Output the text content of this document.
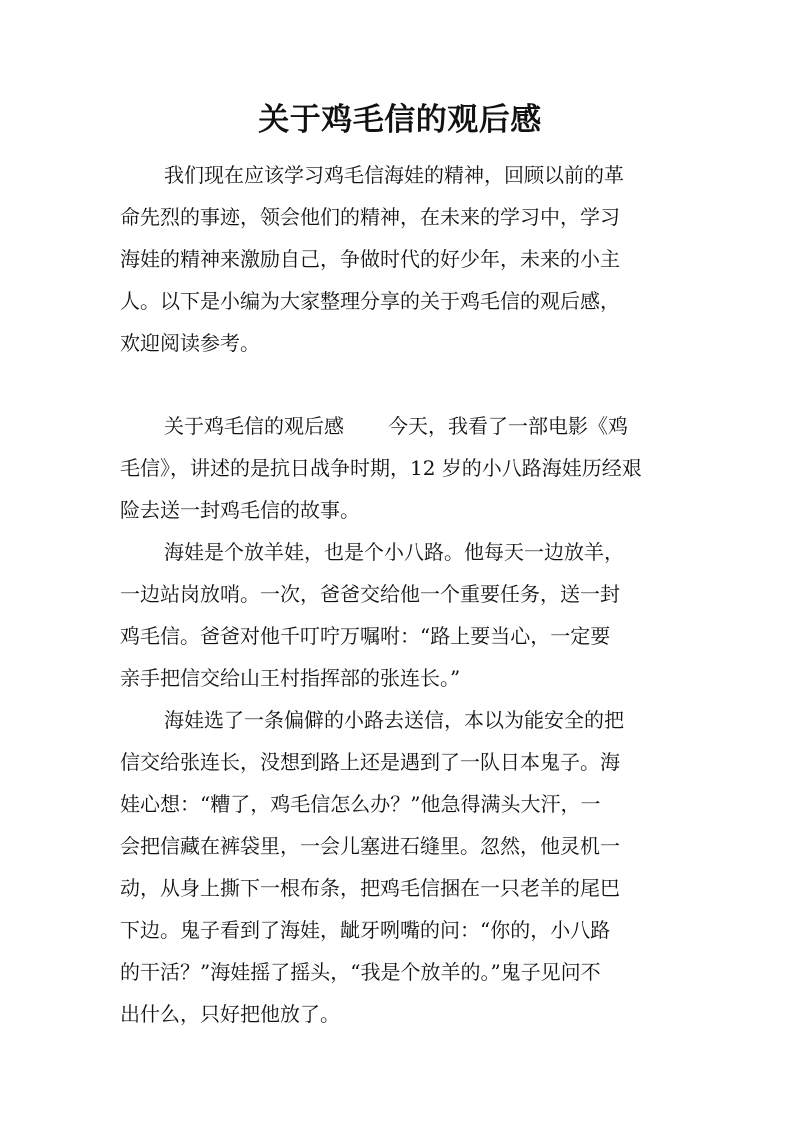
关于鸡毛信的观后感

我们现在应该学习鸡毛信海娃的精神，回顾以前的革
命先烈的事迹，领会他们的精神，在未来的学习中，学习
海娃的精神来激励自己，争做时代的好少年，未来的小主
人。以下是小编为大家整理分享的关于鸡毛信的观后感，
欢迎阅读参考。

关于鸡毛信的观后感 今天，我看了一部电影《鸡
毛信》，讲述的是抗日战争时期，12 岁的小八路海娃历经艰
险去送一封鸡毛信的故事。

海娃是个放羊娃，也是个小八路。他每天一边放羊，
一边站岗放哨。一次，爸爸交给他一个重要任务，送一封
鸡毛信。爸爸对他千叮咛万嘱咐：“路上要当心，一定要
亲手把信交给山王村指挥部的张连长。”

海娃选了一条偏僻的小路去送信，本以为能安全的把
信交给张连长，没想到路上还是遇到了一队日本鬼子。海
娃心想：“糟了，鸡毛信怎么办？”他急得满头大汗，一
会把信藏在裤袋里，一会儿塞进石缝里。忽然，他灵机一
动，从身上撕下一根布条，把鸡毛信捆在一只老羊的尾巴
下边。鬼子看到了海娃，龇牙咧嘴的问：“你的，小八路
的干活？”海娃摇了摇头，“我是个放羊的。”鬼子见问不
出什么，只好把他放了。
